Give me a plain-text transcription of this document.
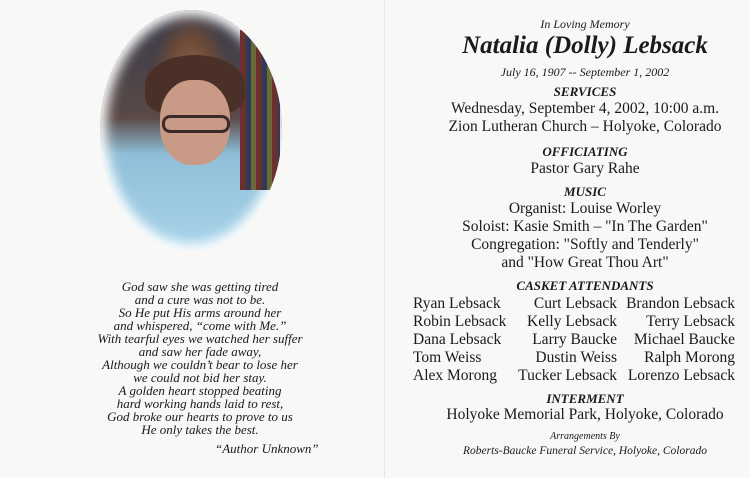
God saw she was getting tired
and a cure was not to be.
So He put His arms around her
and whispered, “come with Me.”
With tearful eyes we watched her suffer
and saw her fade away,
Although we couldn’t bear to lose her
we could not bid her stay.
A golden heart stopped beating
hard working hands laid to rest,
God broke our hearts to prove to us
He only takes the best.
“Author Unknown”
In Loving Memory
Natalia (Dolly) Lebsack
July 16, 1907 -- September 1, 2002
SERVICES
Wednesday, September 4, 2002, 10:00 a.m.
Zion Lutheran Church – Holyoke, Colorado
OFFICIATING
Pastor Gary Rahe
MUSIC
Organist: Louise Worley
Soloist: Kasie Smith – "In The Garden"
Congregation: "Softly and Tenderly"
and "How Great Thou Art"
CASKET ATTENDANTS
Ryan Lebsack Curt Lebsack Brandon Lebsack
Robin Lebsack Kelly Lebsack Terry Lebsack
Dana Lebsack Larry Baucke Michael Baucke
Tom Weiss	Dustin Weiss Ralph Morong
Alex Morong Tucker Lebsack Lorenzo Lebsack
INTERMENT
Holyoke Memorial Park, Holyoke, Colorado
Arrangements By
Roberts-Baucke Funeral Service, Holyoke, Colorado
